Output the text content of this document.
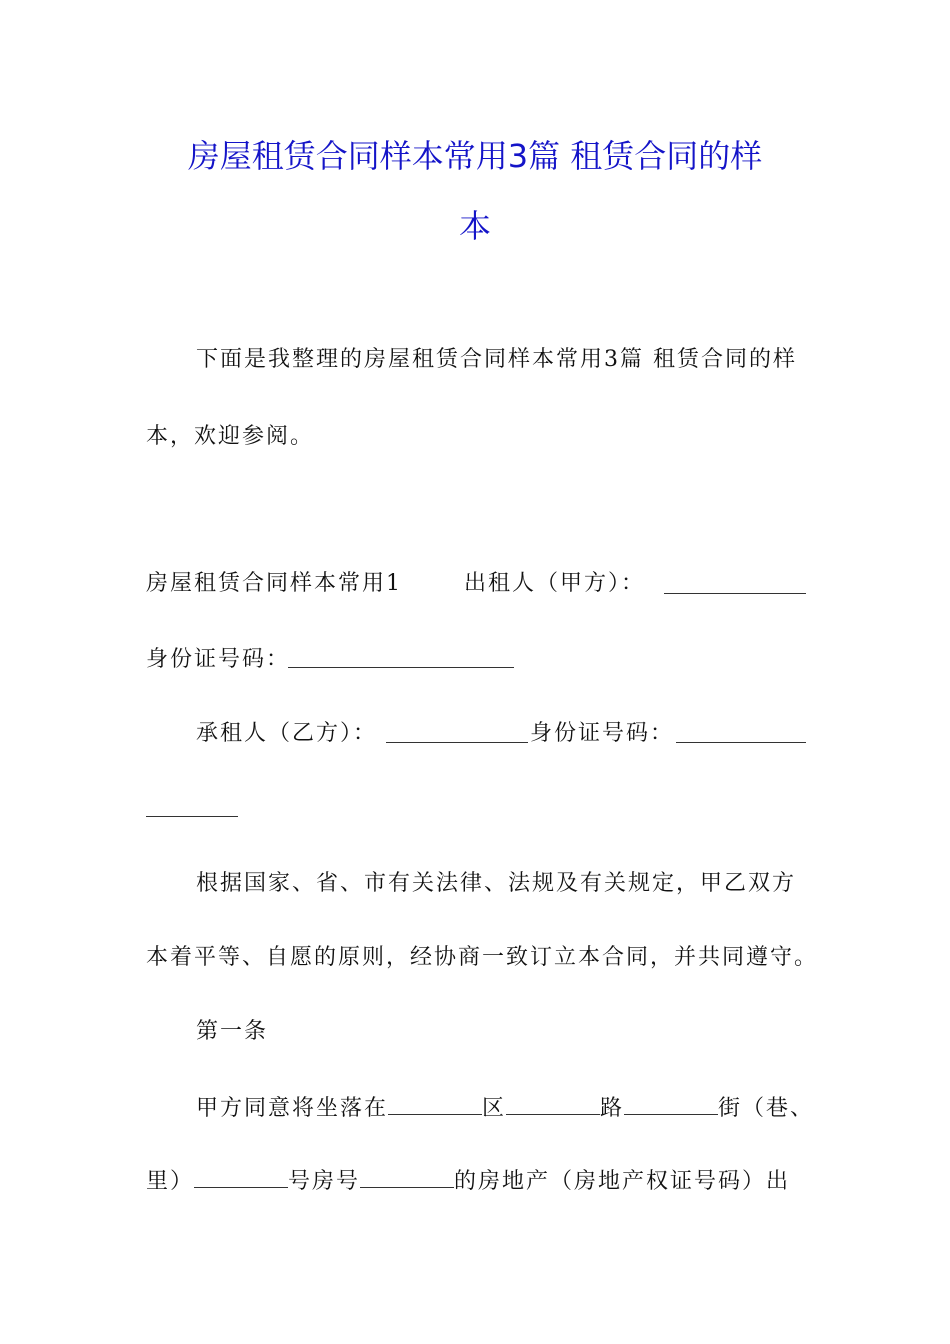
房屋租赁合同样本常用3篇 租赁合同的样
本
下面是我整理的房屋租赁合同样本常用3篇 租赁合同的样
本，欢迎参阅。
房屋租赁合同样本常用1	出租人（甲方）：
身份证号码：
承租人（乙方）：	身份证号码：
根据国家、省、市有关法律、法规及有关规定，甲乙双方
本着平等、自愿的原则，经协商一致订立本合同，并共同遵守。
第一条
甲方同意将坐落在	区	路	街（巷、
里）	号房号	的房地产（房地产权证号码）出
